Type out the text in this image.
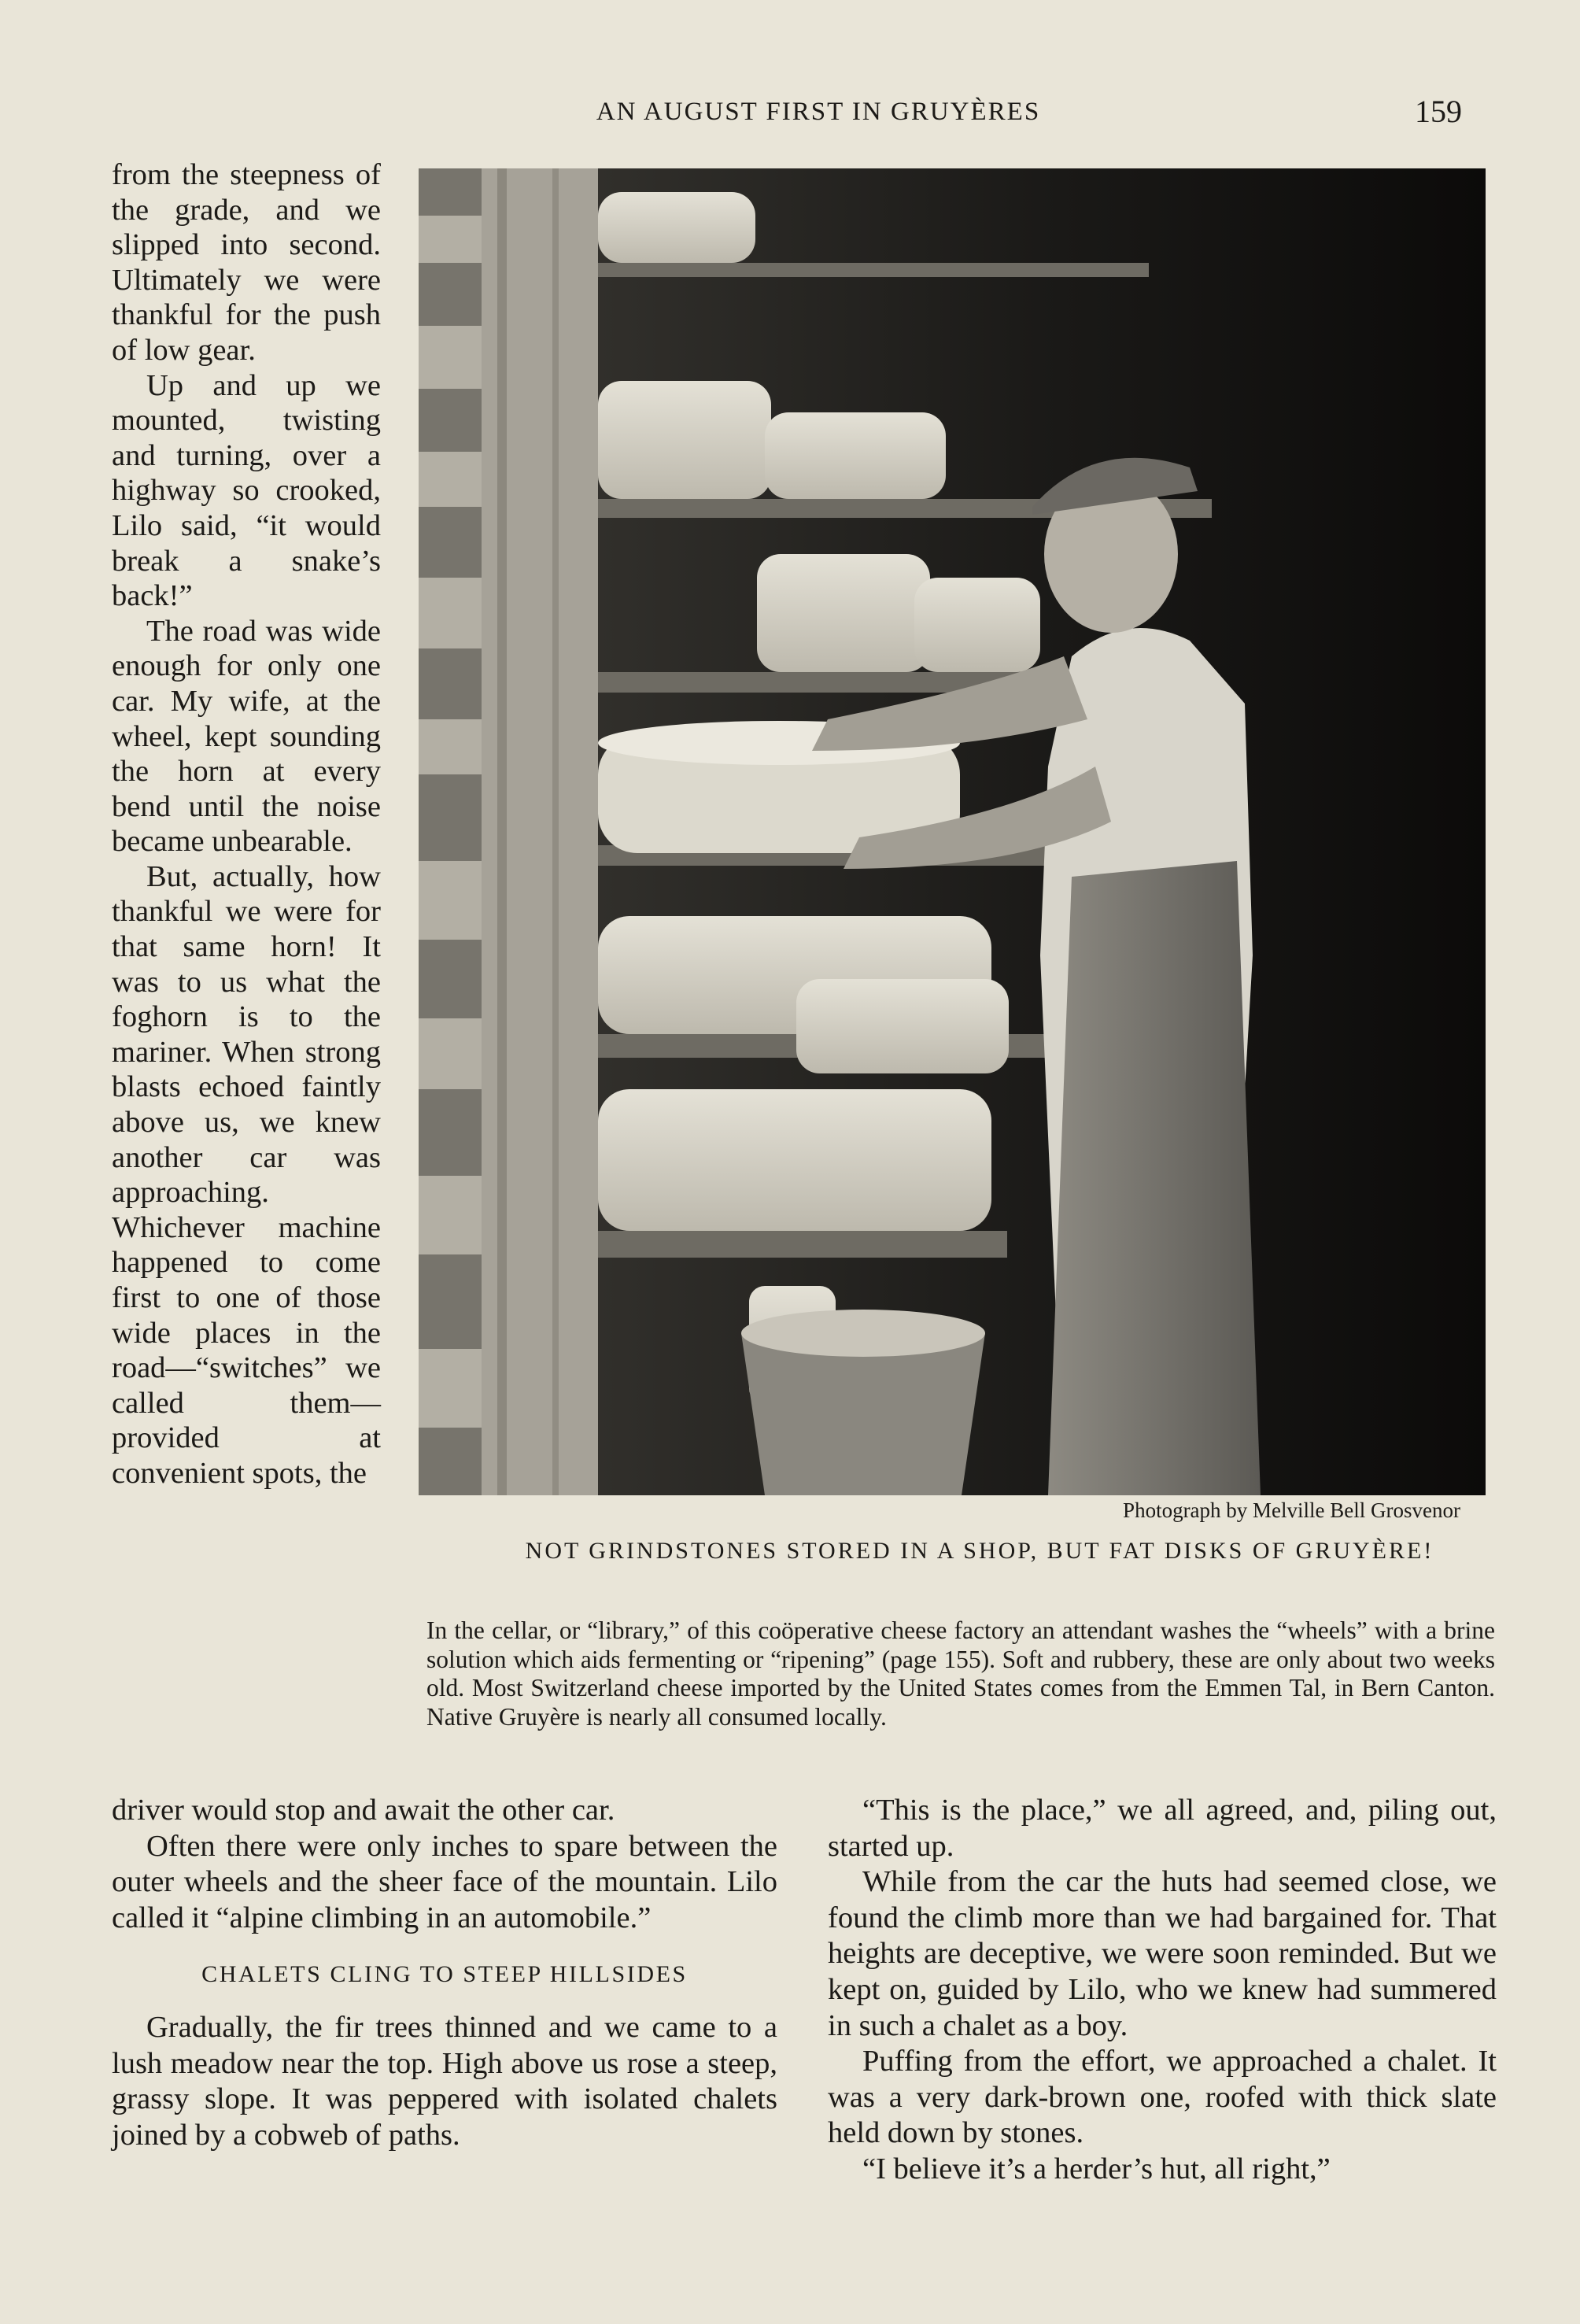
AN AUGUST FIRST IN GRUYÈRES	159

from the steepness of the grade, and we slipped into second. Ultimately we were thankful for the push of low gear.

Up and up we mounted, twisting and turning, over a highway so crooked, Lilo said, “it would break a snake’s back!”

The road was wide enough for only one car. My wife, at the wheel, kept sounding the horn at every bend until the noise became unbearable.

But, actually, how thankful we were for that same horn! It was to us what the foghorn is to the mariner. When strong blasts echoed faintly above us, we knew another car was approaching. Whichever machine happened to come first to one of those wide places in the road—“switches” we called them—provided at convenient spots, the

Photograph by Melville Bell Grosvenor
NOT GRINDSTONES STORED IN A SHOP, BUT FAT DISKS OF GRUYÈRE!
In the cellar, or “library,” of this coöperative cheese factory an attendant washes the “wheels” with a brine solution which aids fermenting or “ripening” (page 155). Soft and rubbery, these are only about two weeks old. Most Switzerland cheese imported by the United States comes from the Emmen Tal, in Bern Canton. Native Gruyère is nearly all consumed locally.

driver would stop and await the other car.

Often there were only inches to spare between the outer wheels and the sheer face of the mountain. Lilo called it “alpine climbing in an automobile.”

CHALETS CLING TO STEEP HILLSIDES

Gradually, the fir trees thinned and we came to a lush meadow near the top. High above us rose a steep, grassy slope. It was peppered with isolated chalets joined by a cobweb of paths.

“This is the place,” we all agreed, and, piling out, started up.

While from the car the huts had seemed close, we found the climb more than we had bargained for. That heights are deceptive, we were soon reminded. But we kept on, guided by Lilo, who we knew had summered in such a chalet as a boy.

Puffing from the effort, we approached a chalet. It was a very dark-brown one, roofed with thick slate held down by stones.

“I believe it’s a herder’s hut, all right,”
